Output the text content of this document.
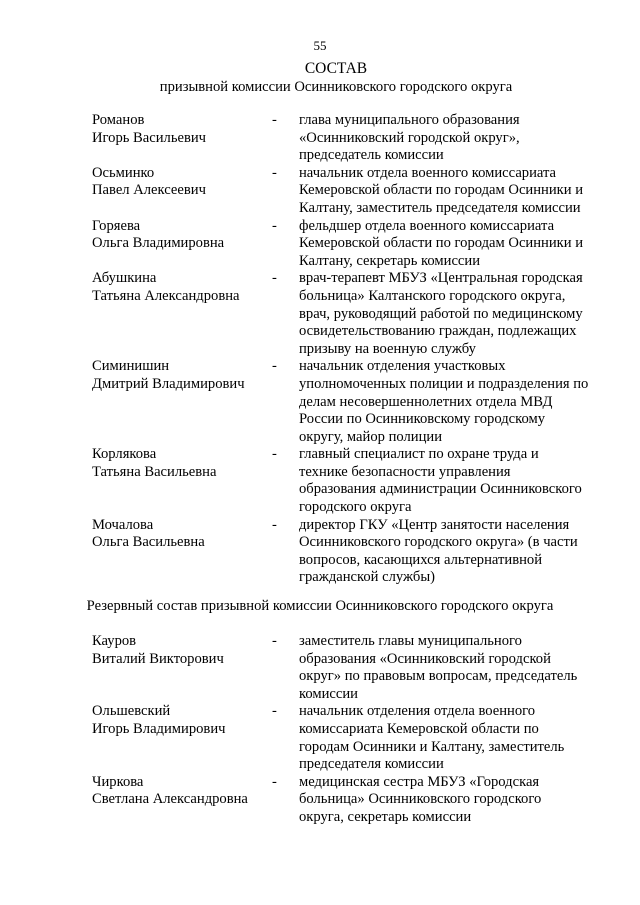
55
СОСТАВ
призывной комиссии Осинниковского городского округа
Романов
Игорь Васильевич
-	глава муниципального образования
«Осинниковский городской округ»,
председатель комиссии
Осьминко
Павел Алексеевич
-	начальник отдела военного комиссариата
Кемеровской области по городам Осинники и
Калтану, заместитель председателя комиссии
Горяева
Ольга Владимировна
-	фельдшер отдела военного комиссариата
Кемеровской области по городам Осинники и
Калтану, секретарь комиссии
Абушкина
Татьяна Александровна
-	врач-терапевт МБУЗ «Центральная городская
больница» Калтанского городского округа,
врач, руководящий работой по медицинскому
освидетельствованию граждан, подлежащих
призыву на военную службу
Симинишин
Дмитрий Владимирович
-	начальник отделения участковых
уполномоченных полиции и подразделения по
делам несовершеннолетних отдела МВД
России по Осинниковскому городскому
округу, майор полиции
Корлякова
Татьяна Васильевна
-	главный специалист по охране труда и
технике безопасности управления
образования администрации Осинниковского
городского округа
Мочалова
Ольга Васильевна
-	директор ГКУ «Центр занятости населения
Осинниковского городского округа» (в части
вопросов, касающихся альтернативной
гражданской службы)
Резервный состав призывной комиссии Осинниковского городского округа
Кауров
Виталий Викторович
-	заместитель главы муниципального
образования «Осинниковский городской
округ» по правовым вопросам, председатель
комиссии
Ольшевский
Игорь Владимирович
-	начальник отделения отдела военного
комиссариата Кемеровской области по
городам Осинники и Калтану, заместитель
председателя комиссии
Чиркова
Светлана Александровна
-	медицинская сестра МБУЗ «Городская
больница» Осинниковского городского
округа, секретарь комиссии
